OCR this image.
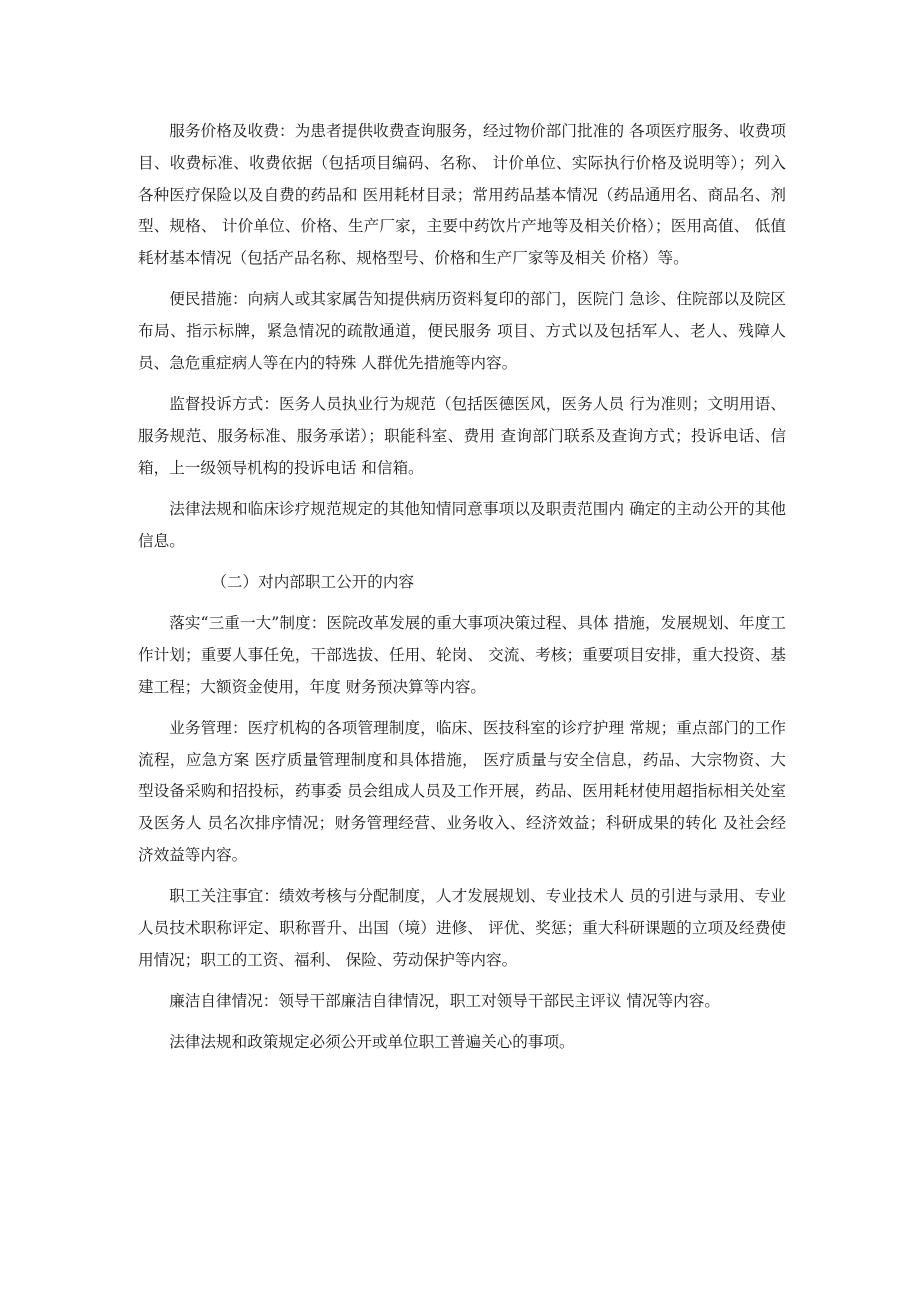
服务价格及收费：为患者提供收费查询服务，经过物价部门批准的 各项医疗服务、收费项目、收费标准、收费依据（包括项目编码、名称、 计价单位、实际执行价格及说明等）；列入各种医疗保险以及自费的药品和 医用耗材目录；常用药品基本情况（药品通用名、商品名、剂型、规格、 计价单位、价格、生产厂家，主要中药饮片产地等及相关价格）；医用高值、 低值耗材基本情况（包括产品名称、规格型号、价格和生产厂家等及相关 价格）等。

便民措施：向病人或其家属告知提供病历资料复印的部门，医院门 急诊、住院部以及院区布局、指示标牌，紧急情况的疏散通道，便民服务 项目、方式以及包括军人、老人、残障人员、急危重症病人等在内的特殊 人群优先措施等内容。

监督投诉方式：医务人员执业行为规范（包括医德医风，医务人员 行为准则；文明用语、服务规范、服务标准、服务承诺）；职能科室、费用 查询部门联系及查询方式；投诉电话、信箱，上一级领导机构的投诉电话 和信箱。

法律法规和临床诊疗规范规定的其他知情同意事项以及职责范围内 确定的主动公开的其他信息。

（二）对内部职工公开的内容

落实“三重一大”制度：医院改革发展的重大事项决策过程、具体 措施，发展规划、年度工作计划；重要人事任免，干部选拔、任用、轮岗、 交流、考核；重要项目安排，重大投资、基建工程；大额资金使用，年度 财务预决算等内容。

业务管理：医疗机构的各项管理制度，临床、医技科室的诊疗护理 常规；重点部门的工作流程，应急方案 医疗质量管理制度和具体措施， 医疗质量与安全信息，药品、大宗物资、大型设备采购和招投标，药事委 员会组成人员及工作开展，药品、医用耗材使用超指标相关处室及医务人 员名次排序情况；财务管理经营、业务收入、经济效益；科研成果的转化 及社会经济效益等内容。

职工关注事宜：绩效考核与分配制度，人才发展规划、专业技术人 员的引进与录用、专业人员技术职称评定、职称晋升、出国（境）进修、 评优、奖惩；重大科研课题的立项及经费使用情况；职工的工资、福利、 保险、劳动保护等内容。

廉洁自律情况：领导干部廉洁自律情况，职工对领导干部民主评议 情况等内容。

法律法规和政策规定必须公开或单位职工普遍关心的事项。
